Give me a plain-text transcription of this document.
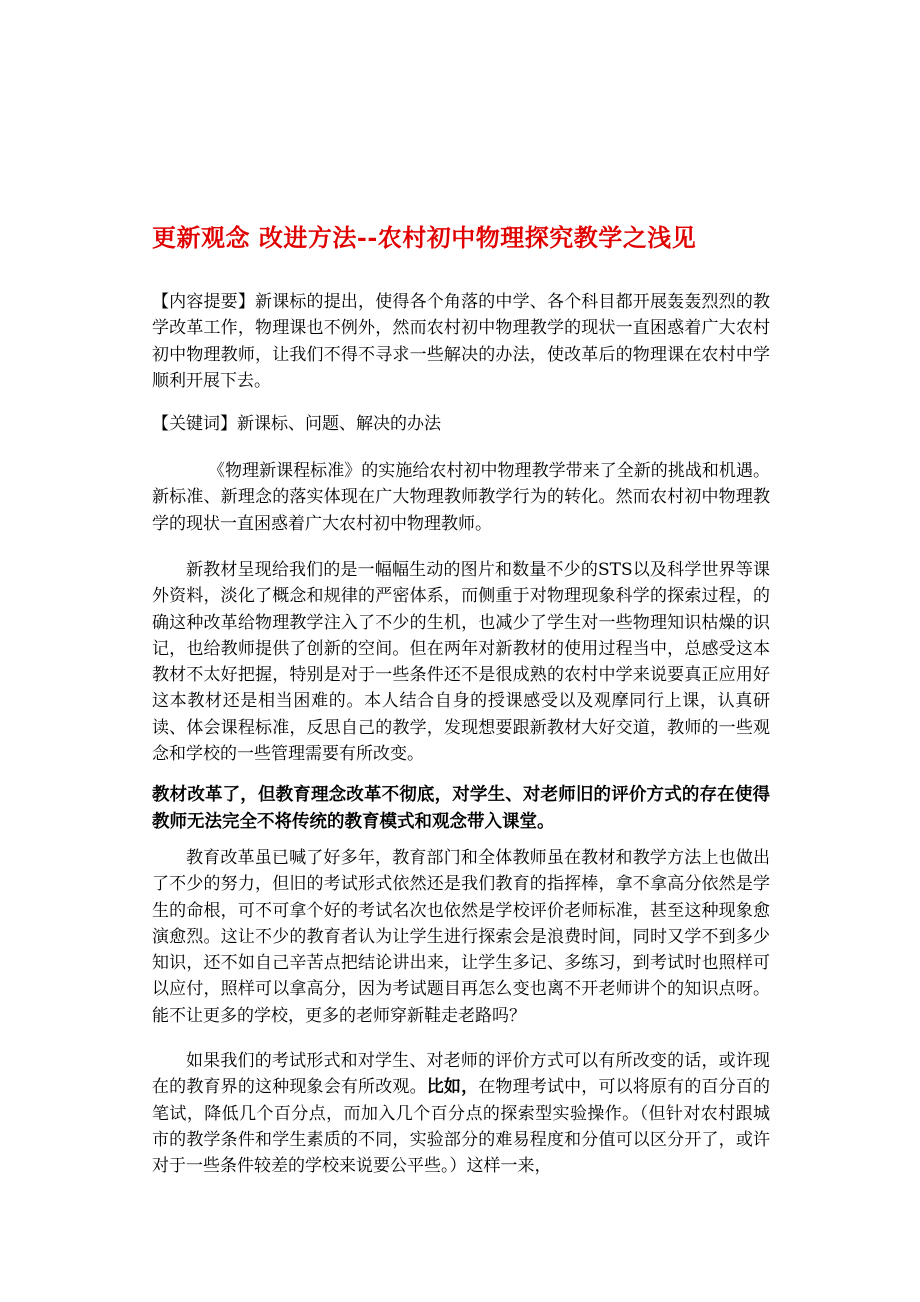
更新观念 改进方法--农村初中物理探究教学之浅见
【内容提要】新课标的提出，使得各个角落的中学、各个科目都开展轰轰烈烈的教学改革工作，物理课也不例外，然而农村初中物理教学的现状一直困惑着广大农村初中物理教师，让我们不得不寻求一些解决的办法，使改革后的物理课在农村中学顺利开展下去。
【关键词】新课标、问题、解决的办法
《物理新课程标准》的实施给农村初中物理教学带来了全新的挑战和机遇。新标准、新理念的落实体现在广大物理教师教学行为的转化。然而农村初中物理教学的现状一直困惑着广大农村初中物理教师。
新教材呈现给我们的是一幅幅生动的图片和数量不少的STS以及科学世界等课外资料，淡化了概念和规律的严密体系，而侧重于对物理现象科学的探索过程，的确这种改革给物理教学注入了不少的生机，也减少了学生对一些物理知识枯燥的识记，也给教师提供了创新的空间。但在两年对新教材的使用过程当中，总感受这本教材不太好把握，特别是对于一些条件还不是很成熟的农村中学来说要真正应用好这本教材还是相当困难的。本人结合自身的授课感受以及观摩同行上课，认真研读、体会课程标准，反思自己的教学，发现想要跟新教材大好交道，教师的一些观念和学校的一些管理需要有所改变。
教材改革了，但教育理念改革不彻底，对学生、对老师旧的评价方式的存在使得教师无法完全不将传统的教育模式和观念带入课堂。
教育改革虽已喊了好多年，教育部门和全体教师虽在教材和教学方法上也做出了不少的努力，但旧的考试形式依然还是我们教育的指挥棒，拿不拿高分依然是学生的命根，可不可拿个好的考试名次也依然是学校评价老师标准，甚至这种现象愈演愈烈。这让不少的教育者认为让学生进行探索会是浪费时间，同时又学不到多少知识，还不如自己辛苦点把结论讲出来，让学生多记、多练习，到考试时也照样可以应付，照样可以拿高分，因为考试题目再怎么变也离不开老师讲个的知识点呀。能不让更多的学校，更多的老师穿新鞋走老路吗？
如果我们的考试形式和对学生、对老师的评价方式可以有所改变的话，或许现在的教育界的这种现象会有所改观。比如，在物理考试中，可以将原有的百分百的笔试，降低几个百分点，而加入几个百分点的探索型实验操作。（但针对农村跟城市的教学条件和学生素质的不同，实验部分的难易程度和分值可以区分开了，或许对于一些条件较差的学校来说要公平些。）这样一来，
